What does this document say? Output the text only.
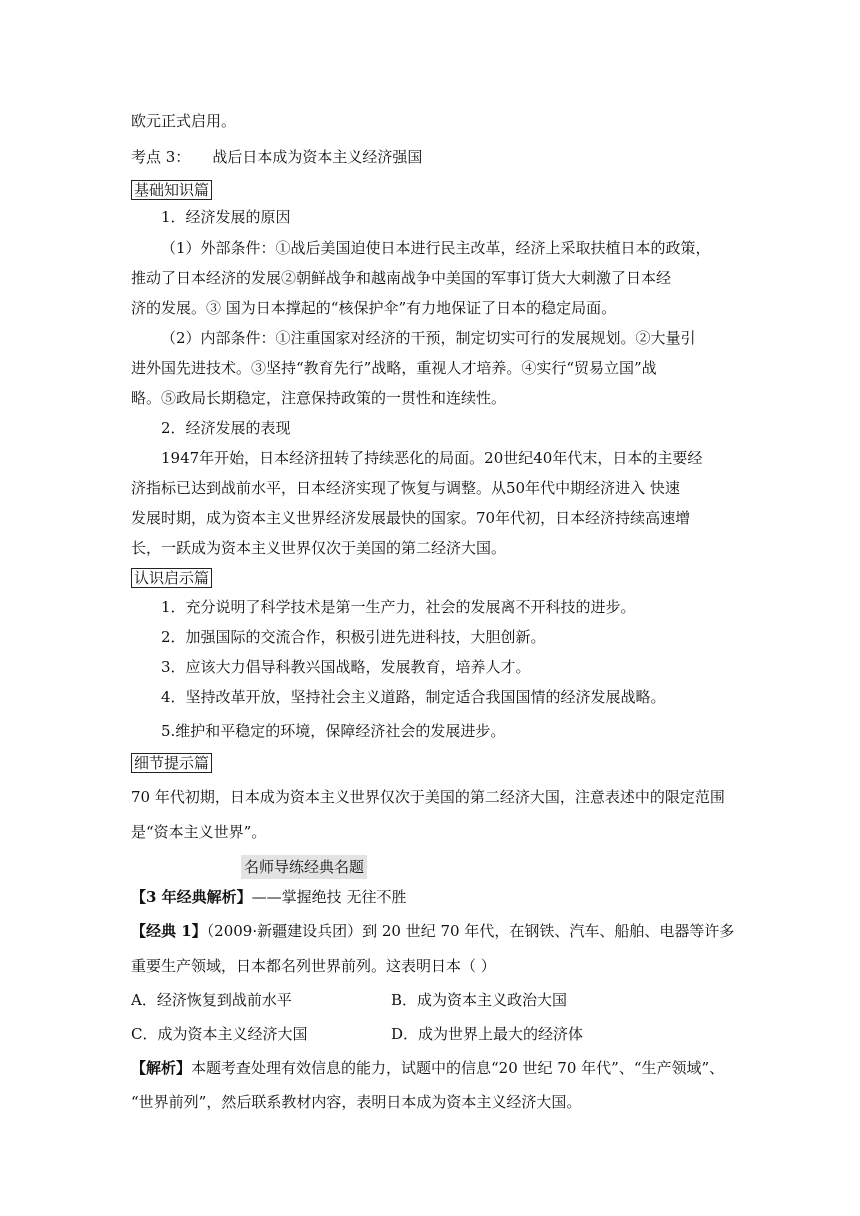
欧元正式启用。
考点 3： 战后日本成为资本主义经济强国
基础知识篇
1．经济发展的原因
（1）外部条件：①战后美国迫使日本进行民主改革，经济上采取扶植日本的政策，
推动了日本经济的发展②朝鲜战争和越南战争中美国的军事订货大大刺激了日本经
济的发展。③ 国为日本撑起的“核保护伞”有力地保证了日本的稳定局面。
（2）内部条件：①注重国家对经济的干预，制定切实可行的发展规划。②大量引
进外国先进技术。③坚持“教育先行”战略，重视人才培养。④实行“贸易立国”战
略。⑤政局长期稳定，注意保持政策的一贯性和连续性。
2．经济发展的表现
1947年开始，日本经济扭转了持续恶化的局面。20世纪40年代末，日本的主要经
济指标已达到战前水平，日本经济实现了恢复与调整。从50年代中期经济进入 快速
发展时期，成为资本主义世界经济发展最快的国家。70年代初，日本经济持续高速增
长，一跃成为资本主义世界仅次于美国的第二经济大国。
认识启示篇
1．充分说明了科学技术是第一生产力，社会的发展离不开科技的进步。
2．加强国际的交流合作，积极引进先进科技，大胆创新。
3．应该大力倡导科教兴国战略，发展教育，培养人才。
4．坚持改革开放，坚持社会主义道路，制定适合我国国情的经济发展战略。
5.维护和平稳定的环境，保障经济社会的发展进步。
细节提示篇
70 年代初期，日本成为资本主义世界仅次于美国的第二经济大国，注意表述中的限定范围
是“资本主义世界”。
名师导练经典名题
【3 年经典解析】——掌握绝技 无往不胜
【经典 1】（2009·新疆建设兵团）到 20 世纪 70 年代，在钢铁、汽车、船舶、电器等许多
重要生产领域，日本都名列世界前列。这表明日本（ ）
A．经济恢复到战前水平	B．成为资本主义政治大国
C．成为资本主义经济大国	D．成为世界上最大的经济体
【解析】本题考查处理有效信息的能力，试题中的信息“20 世纪 70 年代”、“生产领域”、
“世界前列”，然后联系教材内容，表明日本成为资本主义经济大国。
